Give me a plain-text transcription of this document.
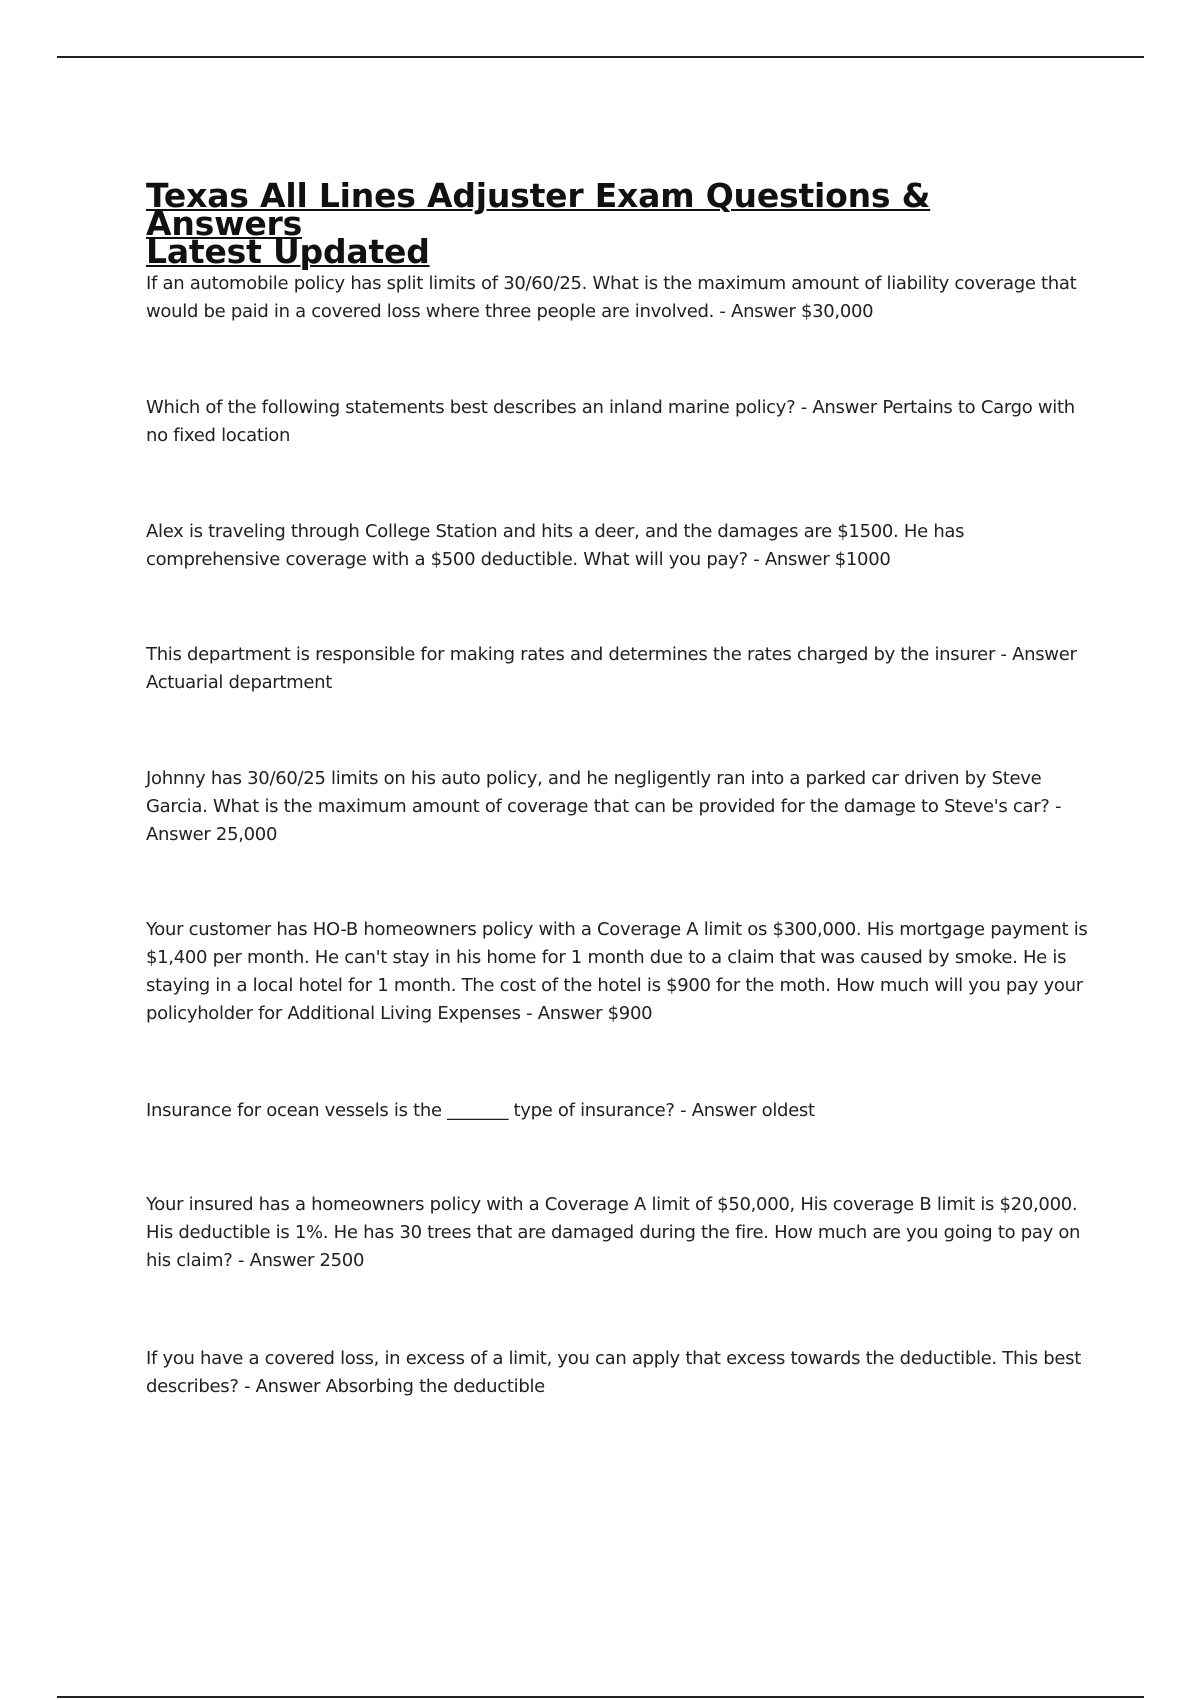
Texas All Lines Adjuster Exam Questions & Answers
Latest Updated

If an automobile policy has split limits of 30/60/25. What is the maximum amount of liability coverage that would be paid in a covered loss where three people are involved. - Answer $30,000

Which of the following statements best describes an inland marine policy? - Answer Pertains to Cargo with no fixed location

Alex is traveling through College Station and hits a deer, and the damages are $1500. He has comprehensive coverage with a $500 deductible. What will you pay? - Answer $1000

This department is responsible for making rates and determines the rates charged by the insurer - Answer Actuarial department

Johnny has 30/60/25 limits on his auto policy, and he negligently ran into a parked car driven by Steve Garcia. What is the maximum amount of coverage that can be provided for the damage to Steve's car? - Answer 25,000

Your customer has HO-B homeowners policy with a Coverage A limit os $300,000. His mortgage payment is $1,400 per month. He can't stay in his home for 1 month due to a claim that was caused by smoke. He is staying in a local hotel for 1 month. The cost of the hotel is $900 for the moth. How much will you pay your policyholder for Additional Living Expenses - Answer $900

Insurance for ocean vessels is the _______ type of insurance? - Answer oldest

Your insured has a homeowners policy with a Coverage A limit of $50,000, His coverage B limit is $20,000. His deductible is 1%. He has 30 trees that are damaged during the fire. How much are you going to pay on his claim? - Answer 2500

If you have a covered loss, in excess of a limit, you can apply that excess towards the deductible. This best describes? - Answer Absorbing the deductible
